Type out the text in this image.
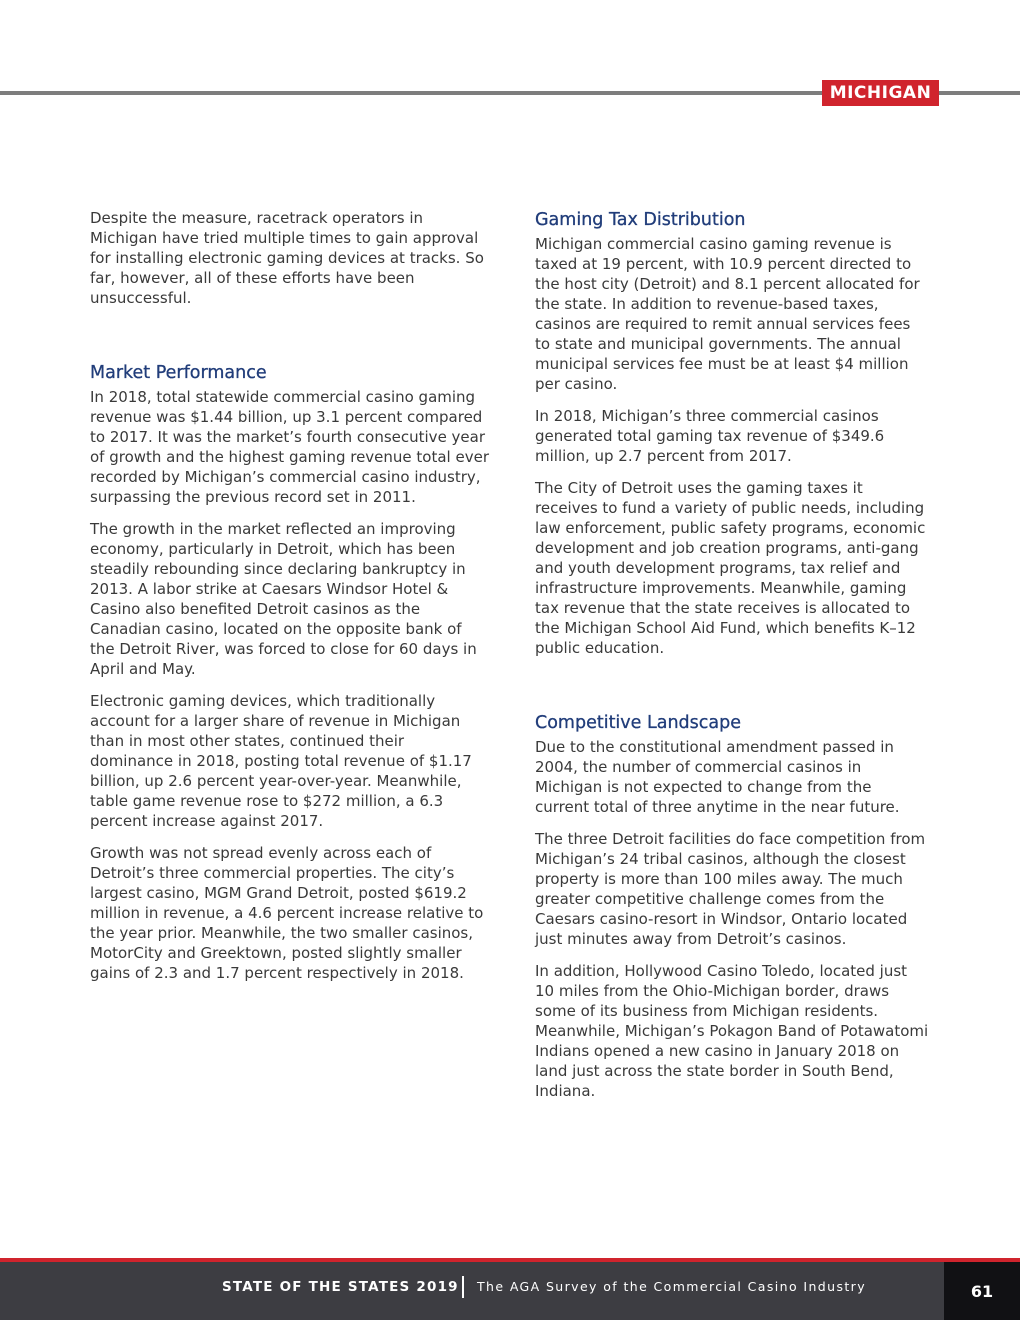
MICHIGAN

Despite the measure, racetrack operators in Michigan have tried multiple times to gain approval for installing electronic gaming devices at tracks. So far, however, all of these efforts have been unsuccessful.

Market Performance

In 2018, total statewide commercial casino gaming revenue was $1.44 billion, up 3.1 percent compared to 2017. It was the market’s fourth consecutive year of growth and the highest gaming revenue total ever recorded by Michigan’s commercial casino industry, surpassing the previous record set in 2011.

The growth in the market reflected an improving economy, particularly in Detroit, which has been steadily rebounding since declaring bankruptcy in 2013. A labor strike at Caesars Windsor Hotel & Casino also benefited Detroit casinos as the Canadian casino, located on the opposite bank of the Detroit River, was forced to close for 60 days in April and May.

Electronic gaming devices, which traditionally account for a larger share of revenue in Michigan than in most other states, continued their dominance in 2018, posting total revenue of $1.17 billion, up 2.6 percent year-over-year. Meanwhile, table game revenue rose to $272 million, a 6.3 percent increase against 2017.

Growth was not spread evenly across each of Detroit’s three commercial properties. The city’s largest casino, MGM Grand Detroit, posted $619.2 million in revenue, a 4.6 percent increase relative to the year prior. Meanwhile, the two smaller casinos, MotorCity and Greektown, posted slightly smaller gains of 2.3 and 1.7 percent respectively in 2018.

Gaming Tax Distribution

Michigan commercial casino gaming revenue is taxed at 19 percent, with 10.9 percent directed to the host city (Detroit) and 8.1 percent allocated for the state. In addition to revenue-based taxes, casinos are required to remit annual services fees to state and municipal governments. The annual municipal services fee must be at least $4 million per casino.

In 2018, Michigan’s three commercial casinos generated total gaming tax revenue of $349.6 million, up 2.7 percent from 2017.

The City of Detroit uses the gaming taxes it receives to fund a variety of public needs, including law enforcement, public safety programs, economic development and job creation programs, anti-gang and youth development programs, tax relief and infrastructure improvements. Meanwhile, gaming tax revenue that the state receives is allocated to the Michigan School Aid Fund, which benefits K–12 public education.

Competitive Landscape

Due to the constitutional amendment passed in 2004, the number of commercial casinos in Michigan is not expected to change from the current total of three anytime in the near future.

The three Detroit facilities do face competition from Michigan’s 24 tribal casinos, although the closest property is more than 100 miles away. The much greater competitive challenge comes from the Caesars casino-resort in Windsor, Ontario located just minutes away from Detroit’s casinos.

In addition, Hollywood Casino Toledo, located just 10 miles from the Ohio-Michigan border, draws some of its business from Michigan residents. Meanwhile, Michigan’s Pokagon Band of Potawatomi Indians opened a new casino in January 2018 on land just across the state border in South Bend, Indiana.

STATE OF THE STATES 2019 The AGA Survey of the Commercial Casino Industry	61
